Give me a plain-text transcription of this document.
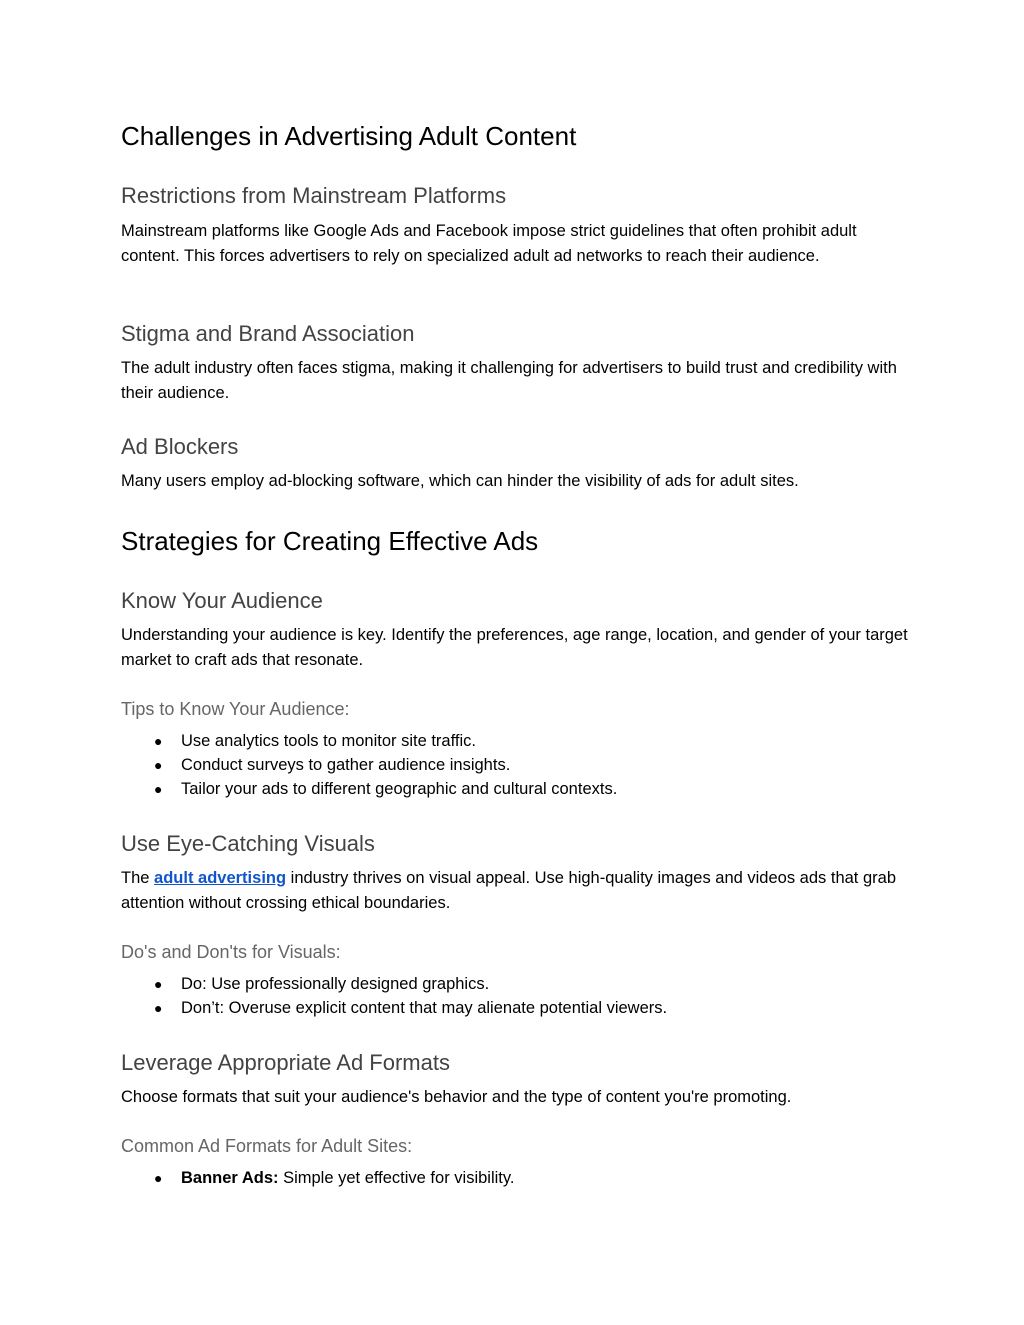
Challenges in Advertising Adult Content
Restrictions from Mainstream Platforms

Mainstream platforms like Google Ads and Facebook impose strict guidelines that often prohibit adult content. This forces advertisers to rely on specialized adult ad networks to reach their audience.

Stigma and Brand Association

The adult industry often faces stigma, making it challenging for advertisers to build trust and credibility with their audience.

Ad Blockers

Many users employ ad-blocking software, which can hinder the visibility of ads for adult sites.

Strategies for Creating Effective Ads
Know Your Audience

Understanding your audience is key. Identify the preferences, age range, location, and gender of your target market to craft ads that resonate.

Tips to Know Your Audience:
● Use analytics tools to monitor site traffic.
● Conduct surveys to gather audience insights.
● Tailor your ads to different geographic and cultural contexts.
Use Eye-Catching Visuals

The adult advertising industry thrives on visual appeal. Use high-quality images and videos ads that grab attention without crossing ethical boundaries.

Do's and Don'ts for Visuals:
● Do: Use professionally designed graphics.
● Don’t: Overuse explicit content that may alienate potential viewers.
Leverage Appropriate Ad Formats

Choose formats that suit your audience's behavior and the type of content you're promoting.

Common Ad Formats for Adult Sites:
● Banner Ads: Simple yet effective for visibility.
